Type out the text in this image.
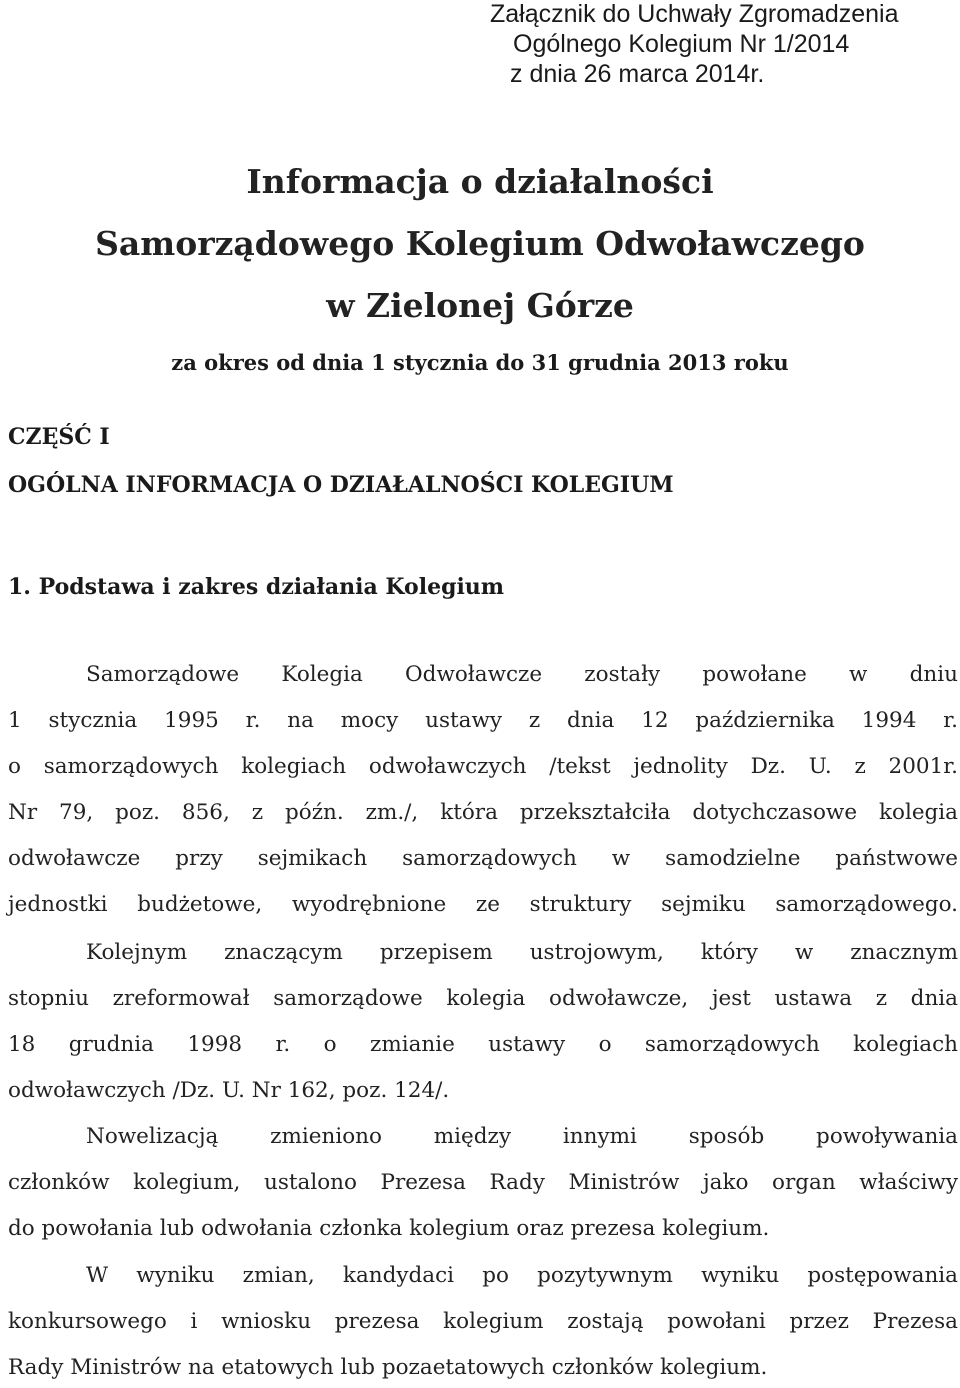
Załącznik do Uchwały Zgromadzenia
Ogólnego Kolegium Nr 1/2014
z dnia 26 marca 2014r.
Informacja o działalności
Samorządowego Kolegium Odwoławczego
w Zielonej Górze
za okres od dnia 1 stycznia do 31 grudnia 2013 roku
CZĘŚĆ I
OGÓLNA INFORMACJA O DZIAŁALNOŚCI KOLEGIUM
1. Podstawa i zakres działania Kolegium
Samorządowe Kolegia Odwoławcze zostały powołane w dniu
1 stycznia 1995 r. na mocy ustawy z dnia 12 października 1994 r.
o samorządowych kolegiach odwoławczych /tekst jednolity Dz. U. z 2001r.
Nr 79, poz. 856, z późn. zm./, która przekształciła dotychczasowe kolegia
odwoławcze przy sejmikach samorządowych w samodzielne państwowe
jednostki budżetowe, wyodrębnione ze struktury sejmiku samorządowego.
Kolejnym znaczącym przepisem ustrojowym, który w znacznym
stopniu zreformował samorządowe kolegia odwoławcze, jest ustawa z dnia
18 grudnia 1998 r. o zmianie ustawy o samorządowych kolegiach
odwoławczych /Dz. U. Nr 162, poz. 124/.
Nowelizacją zmieniono między innymi sposób powoływania
członków kolegium, ustalono Prezesa Rady Ministrów jako organ właściwy
do powołania lub odwołania członka kolegium oraz prezesa kolegium.
W wyniku zmian, kandydaci po pozytywnym wyniku postępowania
konkursowego i wniosku prezesa kolegium zostają powołani przez Prezesa
Rady Ministrów na etatowych lub pozaetatowych członków kolegium.
